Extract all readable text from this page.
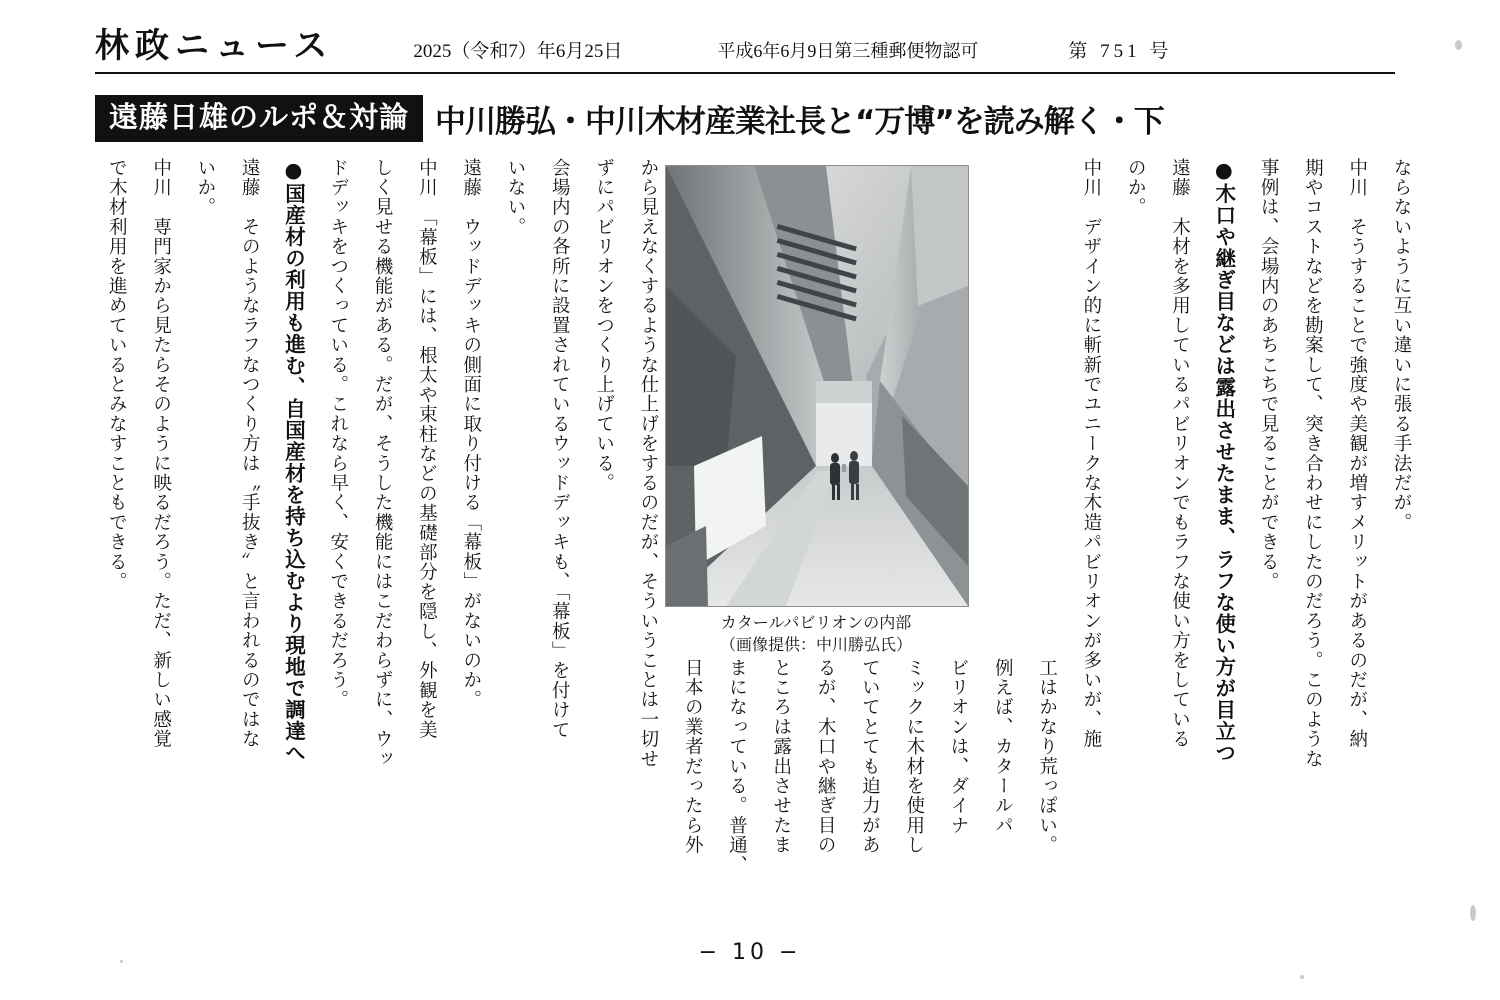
林政ニュース	2025（令和7）年6月25日	平成6年6月9日第三種郵便物認可	第 751 号
遠藤日雄のルポ＆対論 中川勝弘・中川木材産業社長と“万博”を読み解く・下
で木材利用を進めているとみなすこともできる。 中川　専門家から見たらそのように映るだろう。ただ、新しい感覚 いか。 遠藤　そのようなラフなつくり方は〝手抜き〟と言われるのではな ●国産材の利用も進む、自国産材を持ち込むより現地で調達へ ドデッキをつくっている。これなら早く、安くできるだろう。 しく見せる機能がある。だが、そうした機能にはこだわらずに、ウッ 中川　「幕板」には、根太や束柱などの基礎部分を隠し、外観を美 遠藤　ウッドデッキの側面に取り付ける「幕板」がないのか。 いない。 会場内の各所に設置されているウッドデッキも、「幕板」を付けて ずにパビリオンをつくり上げている。 から見えなくするような仕上げをするのだが、そういうことは一切せ 日本の業者だったら外 まになっている。普通、 ところは露出させたま るが、木口や継ぎ目の ていてとても迫力があ ミックに木材を使用し ビリオンは、ダイナ 例えば、カタールパ 工はかなり荒っぽい。
中川　デザイン的に斬新でユニークな木造パビリオンが多いが、施 のか。 遠藤　木材を多用しているパビリオンでもラフな使い方をしている ●木口や継ぎ目などは露出させたまま、ラフな使い方が目立つ 事例は、会場内のあちこちで見ることができる。 期やコストなどを勘案して、突き合わせにしたのだろう。このような 中川　そうすることで強度や美観が増すメリットがあるのだが、納 ならないように互い違いに張る手法だが。
カタールパビリオンの内部
（画像提供：中川勝弘氏）
− 10 −
